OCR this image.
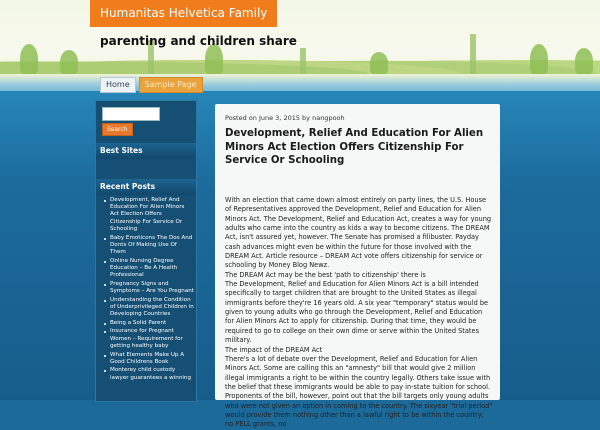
Humanitas Helvetica Family
parenting and children share
Home	Sample Page
Search
Best Sites
Recent Posts
Development, Relief And Education For Alien Minors Act Election Offers Citizenship For Service Or Schooling
Baby Emoticons The Dos And Donts Of Making Use Of Them
Online Nursing Degree Education – Be A Health Professional
Pregnancy Signs and Symptoms – Are You Pregnant
Understanding the Condition of Underprivileged Children in Developing Countries
Being a Solid Parent
Insurance for Pregnant Women – Requirement for getting healthy baby
What Elements Make Up A Good Childrens Book
Monterey child custody lawyer guarantees a winning
Posted on June 3, 2015 by nangpooh
Development, Relief And Education For Alien Minors Act Election Offers Citizenship For Service Or Schooling

With an election that came down almost entirely on party lines, the U.S. House of Representatives approved the Development, Relief and Education for Alien Minors Act. The Development, Relief and Education Act, creates a way for young adults who came into the country as kids a way to become citizens. The DREAM Act, isn't assured yet, however. The Senate has promised a filibuster. Payday cash advances might even be within the future for those involved with the DREAM Act. Article resource – DREAM Act vote offers citizenship for service or schooling by Money Blog Newz.

The DREAM Act may be the best 'path to citizenship' there is

The Development, Relief and Education for Alien Minors Act is a bill intended specifically to target children that are brought to the United States as illegal immigrants before they're 16 years old. A six year "temporary" status would be given to young adults who go through the Development, Relief and Education for Alien Minors Act to apply for citizenship. During that time, they would be required to go to college on their own dime or serve within the United States military.

The impact of the DREAM Act

There's a lot of debate over the Development, Relief and Education for Alien Minors Act. Some are calling this an "amnesty" bill that would give 2 million illegal immigrants a right to be within the country legally. Others take issue with the belief that these immigrants would be able to pay in-state tuition for school. Proponents of the bill, however, point out that the bill targets only young adults who were not given an option in coming to the country. The sixyear "trial period" would provide them nothing other than a lawful right to be within the country; no PELL grants, no
